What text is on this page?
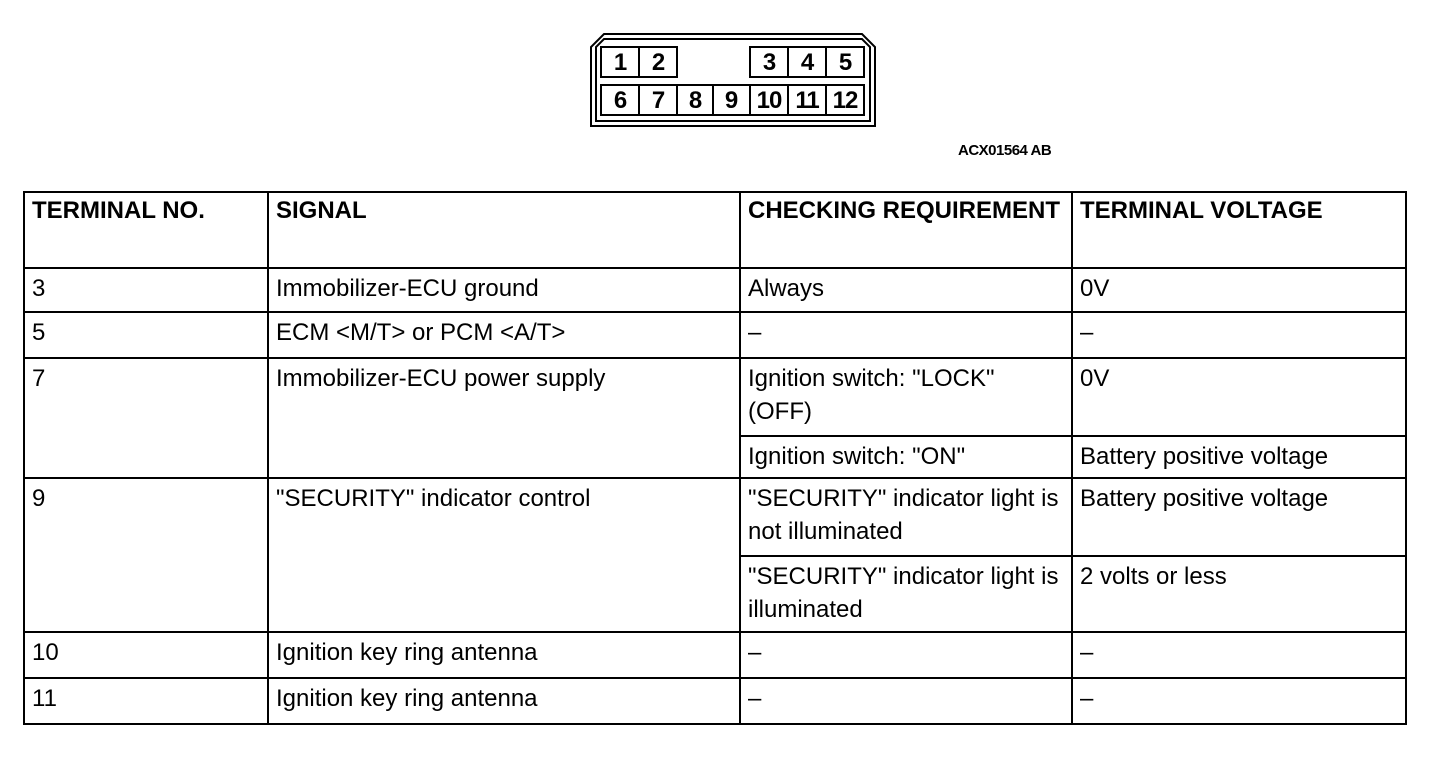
1	2	3	4	5
6	7	8 9 10 11 12
ACX01564 AB
TERMINAL NO.	SIGNAL	CHECKING REQUIREMENT	TERMINAL VOLTAGE
3	Immobilizer-ECU ground	Always	0V
5	ECM <M/T> or PCM <A/T>	–	–
7	Immobilizer-ECU power supply	Ignition switch: "LOCK" (OFF)	0V
		Ignition switch: "ON"	Battery positive voltage
9	"SECURITY" indicator control	"SECURITY" indicator light is not illuminated	Battery positive voltage
		"SECURITY" indicator light is illuminated	2 volts or less
10	Ignition key ring antenna	–	–
11	Ignition key ring antenna	–	–
